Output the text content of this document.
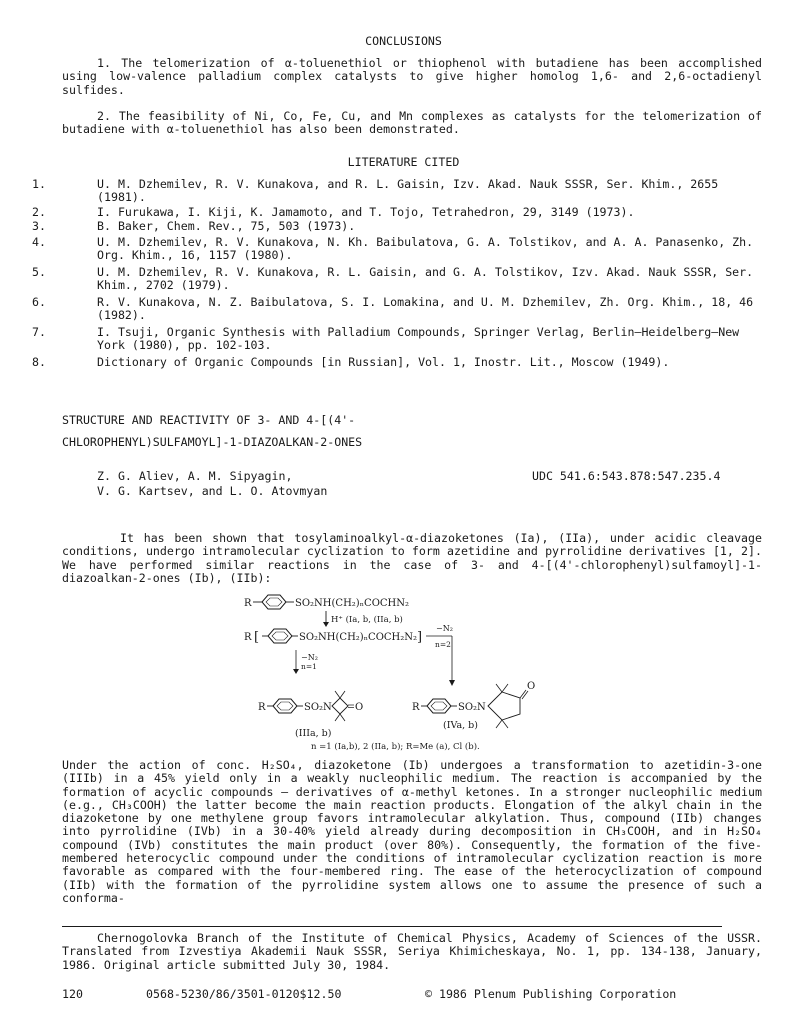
CONCLUSIONS

1. The telomerization of α-toluenethiol or thiophenol with butadiene has been accomplished using low-valence palladium complex catalysts to give higher homolog 1,6- and 2,6-octadienyl sulfides.

2. The feasibility of Ni, Co, Fe, Cu, and Mn complexes as catalysts for the telomerization of butadiene with α-toluenethiol has also been demonstrated.

LITERATURE CITED
1.	U. M. Dzhemilev, R. V. Kunakova, and R. L. Gaisin, Izv. Akad. Nauk SSSR, Ser. Khim., 2655 (1981).
2.	I. Furukawa, I. Kiji, K. Jamamoto, and T. Tojo, Tetrahedron, 29, 3149 (1973).
3.	B. Baker, Chem. Rev., 75, 503 (1973).
4.	U. M. Dzhemilev, R. V. Kunakova, N. Kh. Baibulatova, G. A. Tolstikov, and A. A. Panasenko, Zh. Org. Khim., 16, 1157 (1980).
5.	U. M. Dzhemilev, R. V. Kunakova, R. L. Gaisin, and G. A. Tolstikov, Izv. Akad. Nauk SSSR, Ser. Khim., 2702 (1979).
6.	R. V. Kunakova, N. Z. Baibulatova, S. I. Lomakina, and U. M. Dzhemilev, Zh. Org. Khim., 18, 46 (1982).
7.	I. Tsuji, Organic Synthesis with Palladium Compounds, Springer Verlag, Berlin–Heidelberg–New York (1980), pp. 102-103.
8.	Dictionary of Organic Compounds [in Russian], Vol. 1, Inostr. Lit., Moscow (1949).
STRUCTURE AND REACTIVITY OF 3- AND 4-[(4'-
CHLOROPHENYL)SULFAMOYL]-1-DIAZOALKAN-2-ONES
Z. G. Aliev, A. M. Sipyagin,
V. G. Kartsev, and L. O. Atovmyan
UDC 541.6:543.878:547.235.4

It has been shown that tosylaminoalkyl-α-diazoketones (Ia), (IIa), under acidic cleavage conditions, undergo intramolecular cyclization to form azetidine and pyrrolidine derivatives [1, 2]. We have performed similar reactions in the case of 3- and 4-[(4'-chlorophenyl)sulfamoyl]-1-diazoalkan-2-ones (Ib), (IIb):

R	SO₂NH(CH₂)ₙCOCHN₂
H⁺ (Ia, b, (IIa, b)
R [	SO₂NH(CH₂)ₙCOCH₂N₂ ]
−N₂
n=2
−N₂
n=1
R	SO₂N O
(IIIa, b)
R	SO₂N
O
(IVa, b)
n =1 (Ia,b), 2 (IIa, b); R=Me (a), Cl (b).

Under the action of conc. H₂SO₄, diazoketone (Ib) undergoes a transformation to azetidin-3-one (IIIb) in a 45% yield only in a weakly nucleophilic medium. The reaction is accompanied by the formation of acyclic compounds — derivatives of α-methyl ketones. In a stronger nucleophilic medium (e.g., CH₃COOH) the latter become the main reaction products. Elongation of the alkyl chain in the diazoketone by one methylene group favors intramolecular alkylation. Thus, compound (IIb) changes into pyrrolidine (IVb) in a 30-40% yield already during decomposition in CH₃COOH, and in H₂SO₄ compound (IVb) constitutes the main product (over 80%). Consequently, the formation of the five-membered heterocyclic compound under the conditions of intramolecular cyclization reaction is more favorable as compared with the four-membered ring. The ease of the heterocyclization of compound (IIb) with the formation of the pyrrolidine system allows one to assume the presence of such a conforma-

Chernogolovka Branch of the Institute of Chemical Physics, Academy of Sciences of the USSR. Translated from Izvestiya Akademii Nauk SSSR, Seriya Khimicheskaya, No. 1, pp. 134-138, January, 1986. Original article submitted July 30, 1984.

120	0568-5230/86/3501-0120$12.50	© 1986 Plenum Publishing Corporation
